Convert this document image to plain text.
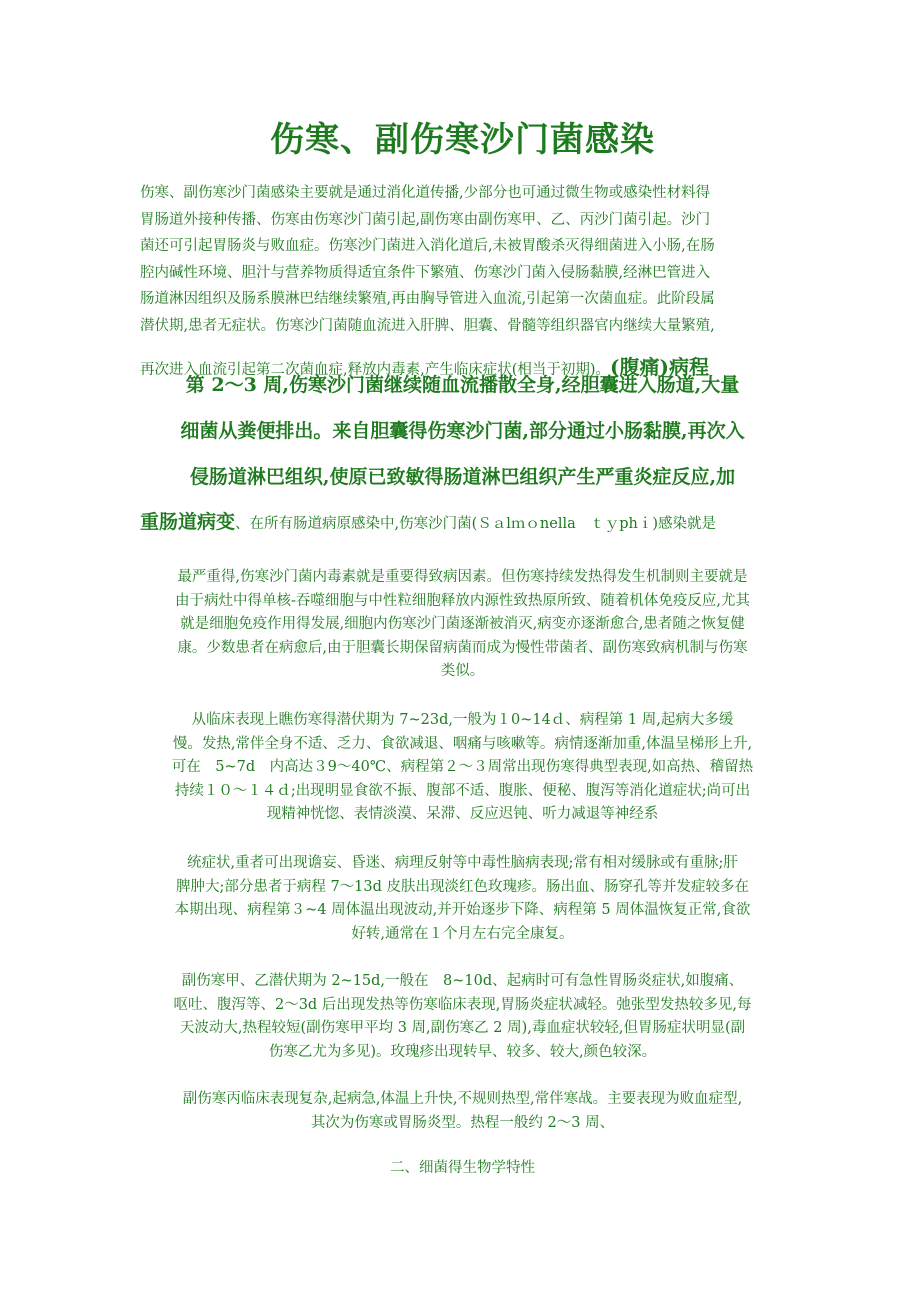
伤寒、副伤寒沙门菌感染
伤寒、副伤寒沙门菌感染主要就是通过消化道传播,少部分也可通过微生物或感染性材料得
胃肠道外接种传播、伤寒由伤寒沙门菌引起,副伤寒由副伤寒甲、乙、丙沙门菌引起。沙门
菌还可引起胃肠炎与败血症。伤寒沙门菌进入消化道后,未被胃酸杀灭得细菌进入小肠,在肠
腔内碱性环境、胆汁与营养物质得适宜条件下繁殖、伤寒沙门菌入侵肠黏膜,经淋巴管进入
肠道淋因组织及肠系膜淋巴结继续繁殖,再由胸导管进入血流,引起第一次菌血症。此阶段属
潜伏期,患者无症状。伤寒沙门菌随血流进入肝脾、胆囊、骨髓等组织器官内继续大量繁殖,
再次进入血流引起第二次菌血症,释放内毒素,产生临床症状(相当于初期)。(腹痛)病程
第 2～3 周,伤寒沙门菌继续随血流播散全身,经胆囊进入肠道,大量
细菌从粪便排出。来自胆囊得伤寒沙门菌,部分通过小肠黏膜,再次入
侵肠道淋巴组织,使原已致敏得肠道淋巴组织产生严重炎症反应,加
重肠道病变、在所有肠道病原感染中,伤寒沙门菌(Ｓａlｍｏnella　ｔｙphｉ)感染就是
最严重得,伤寒沙门菌内毒素就是重要得致病因素。但伤寒持续发热得发生机制则主要就是
由于病灶中得单核-吞噬细胞与中性粒细胞释放内源性致热原所致、随着机体免疫反应,尤其
就是细胞免疫作用得发展,细胞内伤寒沙门菌逐渐被消灭,病变亦逐渐愈合,患者随之恢复健
康。少数患者在病愈后,由于胆囊长期保留病菌而成为慢性带菌者、副伤寒致病机制与伤寒
类似。
从临床表现上瞧伤寒得潜伏期为 7~23d,一般为１0~14ｄ、病程第 1 周,起病大多缓
慢。发热,常伴全身不适、乏力、食欲减退、咽痛与咳嗽等。病情逐渐加重,体温呈梯形上升,
可在　5~7d　内高达３9～40℃、病程第２～３周常出现伤寒得典型表现,如高热、稽留热
持续１０～１４ｄ;出现明显食欲不振、腹部不适、腹胀、便秘、腹泻等消化道症状;尚可出
现精神恍惚、表情淡漠、呆滞、反应迟钝、听力减退等神经系
统症状,重者可出现谵妄、昏迷、病理反射等中毒性脑病表现;常有相对缓脉或有重脉;肝
脾肿大;部分患者于病程 7～13d 皮肤出现淡红色玫瑰疹。肠出血、肠穿孔等并发症较多在
本期出现、病程第３~4 周体温出现波动,并开始逐步下降、病程第 5 周体温恢复正常,食欲
好转,通常在１个月左右完全康复。
副伤寒甲、乙潜伏期为 2~15d,一般在　8~10d、起病时可有急性胃肠炎症状,如腹痛、
呕吐、腹泻等、2～3d 后出现发热等伤寒临床表现,胃肠炎症状减轻。弛张型发热较多见,每
天波动大,热程较短(副伤寒甲平均 3 周,副伤寒乙 2 周),毒血症状较轻,但胃肠症状明显(副
伤寒乙尤为多见)。玫瑰疹出现转早、较多、较大,颜色较深。
副伤寒丙临床表现复杂,起病急,体温上升快,不规则热型,常伴寒战。主要表现为败血症型,
其次为伤寒或胃肠炎型。热程一般约 2～3 周、
二、细菌得生物学特性
